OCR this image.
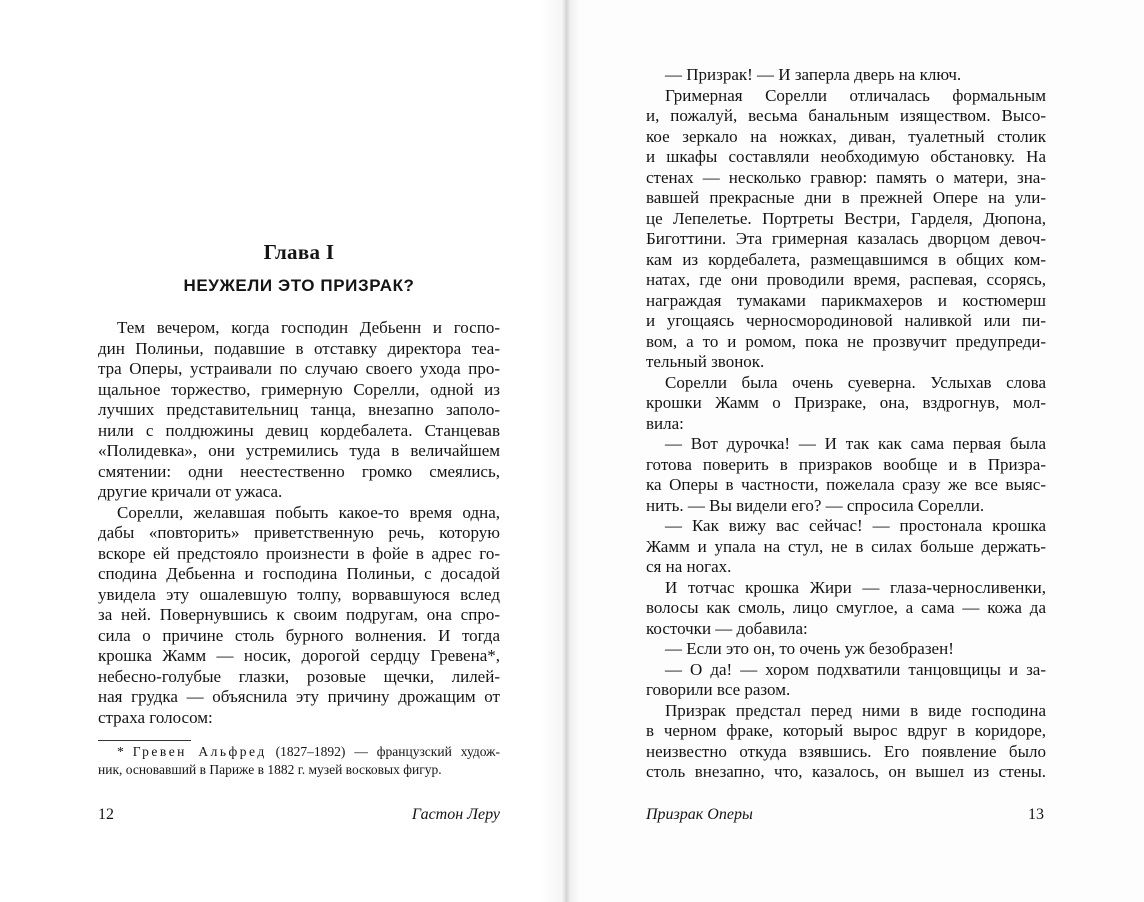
Глава I
НЕУЖЕЛИ ЭТО ПРИЗРАК?
Тем вечером, когда господин Дебьенн и госпо-
дин Полиньи, подавшие в отставку директора теа-
тра Оперы, устраивали по случаю своего ухода про-
щальное торжество, гримерную Сорелли, одной из
лучших представительниц танца, внезапно заполо-
нили с полдюжины девиц кордебалета. Станцевав
«Полидевка», они устремились туда в величайшем
смятении: одни неестественно громко смеялись,
другие кричали от ужаса.
Сорелли, желавшая побыть какое-то время одна,
дабы «повторить» приветственную речь, которую
вскоре ей предстояло произнести в фойе в адрес го-
сподина Дебьенна и господина Полиньи, с досадой
увидела эту ошалевшую толпу, ворвавшуюся вслед
за ней. Повернувшись к своим подругам, она спро-
сила о причине столь бурного волнения. И тогда
крошка Жамм — носик, дорогой сердцу Гревена*,
небесно-голубые глазки, розовые щечки, лилей-
ная грудка — объяснила эту причину дрожащим от
страха голосом:
* Гревен Альфред (1827–1892) — французский худож-
ник, основавший в Париже в 1882 г. музей восковых фигур.
12	Гастон Леру	Призрак Оперы	13
— Призрак! — И заперла дверь на ключ.
Гримерная Сорелли отличалась формальным
и, пожалуй, весьма банальным изяществом. Высо-
кое зеркало на ножках, диван, туалетный столик
и шкафы составляли необходимую обстановку. На
стенах — несколько гравюр: память о матери, зна-
вавшей прекрасные дни в прежней Опере на ули-
це Лепелетье. Портреты Вестри, Гарделя, Дюпона,
Биготтини. Эта гримерная казалась дворцом девоч-
кам из кордебалета, размещавшимся в общих ком-
натах, где они проводили время, распевая, ссорясь,
награждая тумаками парикмахеров и костюмерш
и угощаясь черносмородиновой наливкой или пи-
вом, а то и ромом, пока не прозвучит предупреди-
тельный звонок.
Сорелли была очень суеверна. Услыхав слова
крошки Жамм о Призраке, она, вздрогнув, мол-
вила:
— Вот дурочка! — И так как сама первая была
готова поверить в призраков вообще и в Призра-
ка Оперы в частности, пожелала сразу же все выяс-
нить. — Вы видели его? — спросила Сорелли.
— Как вижу вас сейчас! — простонала крошка
Жамм и упала на стул, не в силах больше держать-
ся на ногах.
И тотчас крошка Жири — глаза-черносливенки,
волосы как смоль, лицо смуглое, а сама — кожа да
косточки — добавила:
— Если это он, то очень уж безобразен!
— О да! — хором подхватили танцовщицы и за-
говорили все разом.
Призрак предстал перед ними в виде господина
в черном фраке, который вырос вдруг в коридоре,
неизвестно откуда взявшись. Его появление было
столь внезапно, что, казалось, он вышел из стены.
